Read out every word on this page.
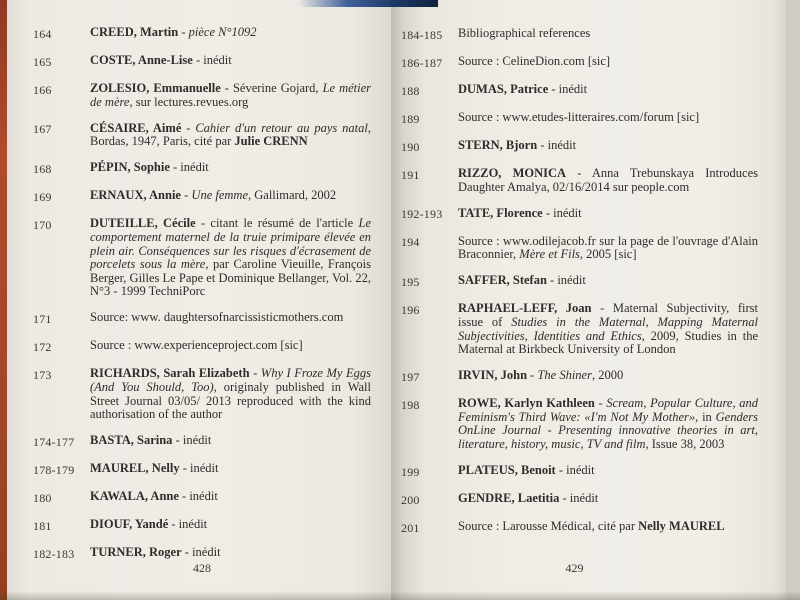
164	CREED, Martin - pièce N°1092

165	COSTE, Anne-Lise - inédit

166	ZOLESIO, Emmanuelle - Séverine Gojard, Le métier de mère, sur lectures.revues.org

167	CÉSAIRE, Aimé - Cahier d'un retour au pays natal, Bordas, 1947, Paris, cité par Julie CRENN

168	PÉPIN, Sophie - inédit

169	ERNAUX, Annie - Une femme, Gallimard, 2002

170	DUTEILLE, Cécile - citant le résumé de l'article Le comportement maternel de la truie primipare élevée en plein air. Conséquences sur les risques d'écrasement de porcelets sous la mère, par Caroline Vieuille, François Berger, Gilles Le Pape et Dominique Bellanger, Vol. 22, N°3 - 1999 TechniPorc

171	Source: www. daughtersofnarcissisticmothers.com

172	Source : www.experienceproject.com [sic]

173	RICHARDS, Sarah Elizabeth - Why I Froze My Eggs (And You Should, Too), originaly published in Wall Street Journal 03/05/ 2013 reproduced with the kind authorisation of the author

174-177	BASTA, Sarina - inédit

178-179	MAUREL, Nelly - inédit

180	KAWALA, Anne - inédit

181	DIOUF, Yandé - inédit

182-183	TURNER, Roger - inédit

428
184-185	Bibliographical references

186-187	Source : CelineDion.com [sic]

188	DUMAS, Patrice - inédit

189	Source : www.etudes-litteraires.com/forum [sic]

190	STERN, Bjorn - inédit

191	RIZZO, MONICA - Anna Trebunskaya Introduces Daughter Amalya, 02/16/2014 sur people.com

192-193	TATE, Florence - inédit

194	Source : www.odilejacob.fr sur la page de l'ouvrage d'Alain Braconnier, Mère et Fils, 2005 [sic]

195	SAFFER, Stefan - inédit

196	RAPHAEL-LEFF, Joan - Maternal Subjectivity, first issue of Studies in the Maternal, Mapping Maternal Subjectivities, Identities and Ethics, 2009, Studies in the Maternal at Birkbeck University of London

197	IRVIN, John - The Shiner, 2000

198	ROWE, Karlyn Kathleen - Scream, Popular Culture, and Feminism's Third Wave: «I'm Not My Mother», in Genders OnLine Journal - Presenting innovative theories in art, literature, history, music, TV and film, Issue 38, 2003

199	PLATEUS, Benoit - inédit

200	GENDRE, Laetitia - inédit

201	Source : Larousse Médical, cité par Nelly MAUREL

429
